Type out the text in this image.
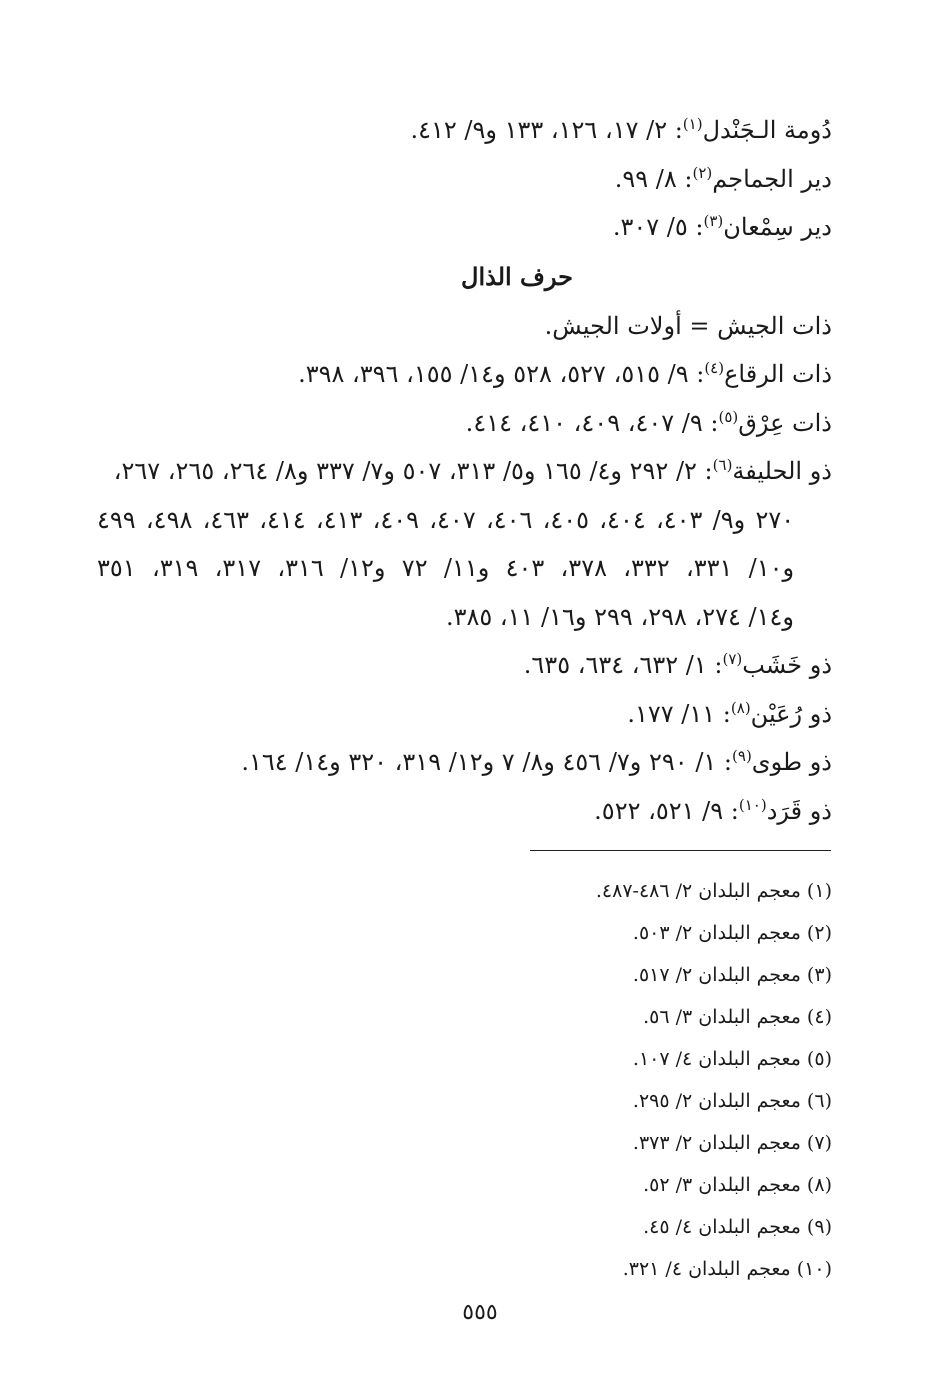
دُومة الـجَنْدل$^{(١)}$: ٢/ ١٧، ١٢٦، ١٣٣ و٩/ ٤١٢.
دير الجماجم$^{(٢)}$: ٨/ ٩٩.
دير سِمْعان$^{(٣)}$: ٥/ ٣٠٧.
حرف الذال
ذات الجيش = أولات الجيش.
ذات الرقاع$^{(٤)}$: ٩/ ٥١٥، ٥٢٧، ٥٢٨ و١٤/ ١٥٥، ٣٩٦، ٣٩٨.
ذات عِرْق$^{(٥)}$: ٩/ ٤٠٧، ٤٠٩، ٤١٠، ٤١٤.
ذو الحليفة$^{(٦)}$: ٢/ ٢٩٢ و٤/ ١٦٥ و٥/ ٣١٣، ٥٠٧ و٧/ ٣٣٧ و٨/ ٢٦٤، ٢٦٥، ٢٦٧،
٢٧٠ و٩/ ٤٠٣، ٤٠٤، ٤٠٥، ٤٠٦، ٤٠٧، ٤٠٩، ٤١٣، ٤١٤، ٤٦٣، ٤٩٨، ٤٩٩
و١٠/ ٣٣١، ٣٣٢، ٣٧٨، ٤٠٣ و١١/ ٧٢ و١٢/ ٣١٦، ٣١٧، ٣١٩، ٣٥١
و١٤/ ٢٧٤، ٢٩٨، ٢٩٩ و١٦/ ١١، ٣٨٥.
ذو خَشَب$^{(٧)}$: ١/ ٦٣٢، ٦٣٤، ٦٣٥.
ذو رُعَيْن$^{(٨)}$: ١١/ ١٧٧.
ذو طوى$^{(٩)}$: ١/ ٢٩٠ و٧/ ٤٥٦ و٨/ ٧ و١٢/ ٣١٩، ٣٢٠ و١٤/ ١٦٤.
ذو قَرَد$^{(١٠)}$: ٩/ ٥٢١، ٥٢٢.
(١) معجم البلدان ٢/ ٤٨٦-٤٨٧.
(٢) معجم البلدان ٢/ ٥٠٣.
(٣) معجم البلدان ٢/ ٥١٧.
(٤) معجم البلدان ٣/ ٥٦.
(٥) معجم البلدان ٤/ ١٠٧.
(٦) معجم البلدان ٢/ ٢٩٥.
(٧) معجم البلدان ٢/ ٣٧٣.
(٨) معجم البلدان ٣/ ٥٢.
(٩) معجم البلدان ٤/ ٤٥.
(١٠) معجم البلدان ٤/ ٣٢١.
٥٥٥
